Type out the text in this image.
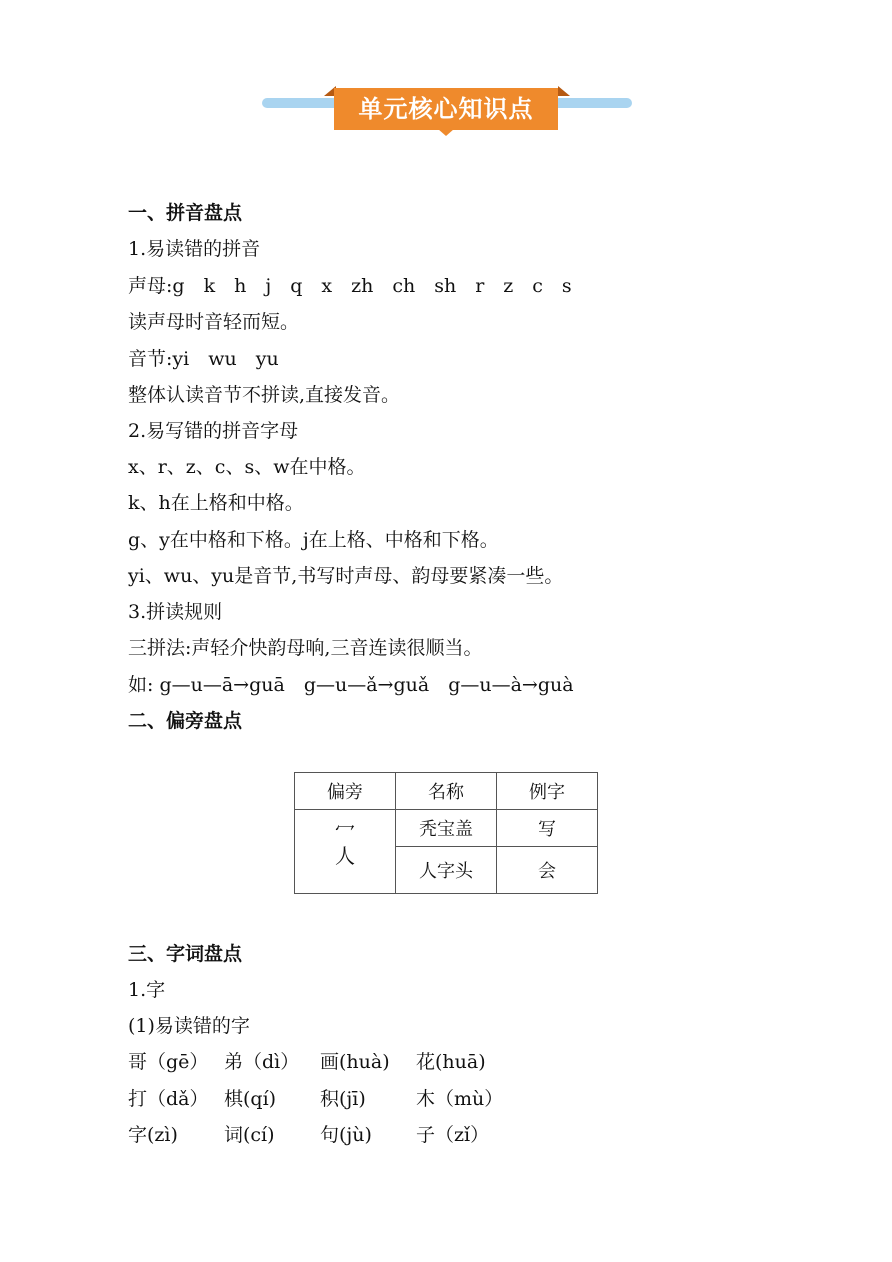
单元核心知识点
一、拼音盘点
1.易读错的拼音
声母:g　k　h　j　q　x　zh　ch　sh　r　z　c　s
读声母时音轻而短。
音节:yi　wu　yu
整体认读音节不拼读,直接发音。
2.易写错的拼音字母
x、r、z、c、s、w在中格。
k、h在上格和中格。
g、y在中格和下格。j在上格、中格和下格。
yi、wu、yu是音节,书写时声母、韵母要紧凑一些。
3.拼读规则
三拼法:声轻介快韵母响,三音连读很顺当。
如: g—u—ā→guā　g—u—ǎ→guǎ　g—u—à→guà
二、偏旁盘点
偏旁	名称	例字

冖
人	秃宝盖	写
	人字头	会
三、字词盘点
1.字
(1)易读错的字
哥（gē） 弟（dì） 画(huà) 花(huā)
打（dǎ） 棋(qí) 积(jī)	木（mù）
字(zì) 词(cí) 句(jù) 子（zǐ）
